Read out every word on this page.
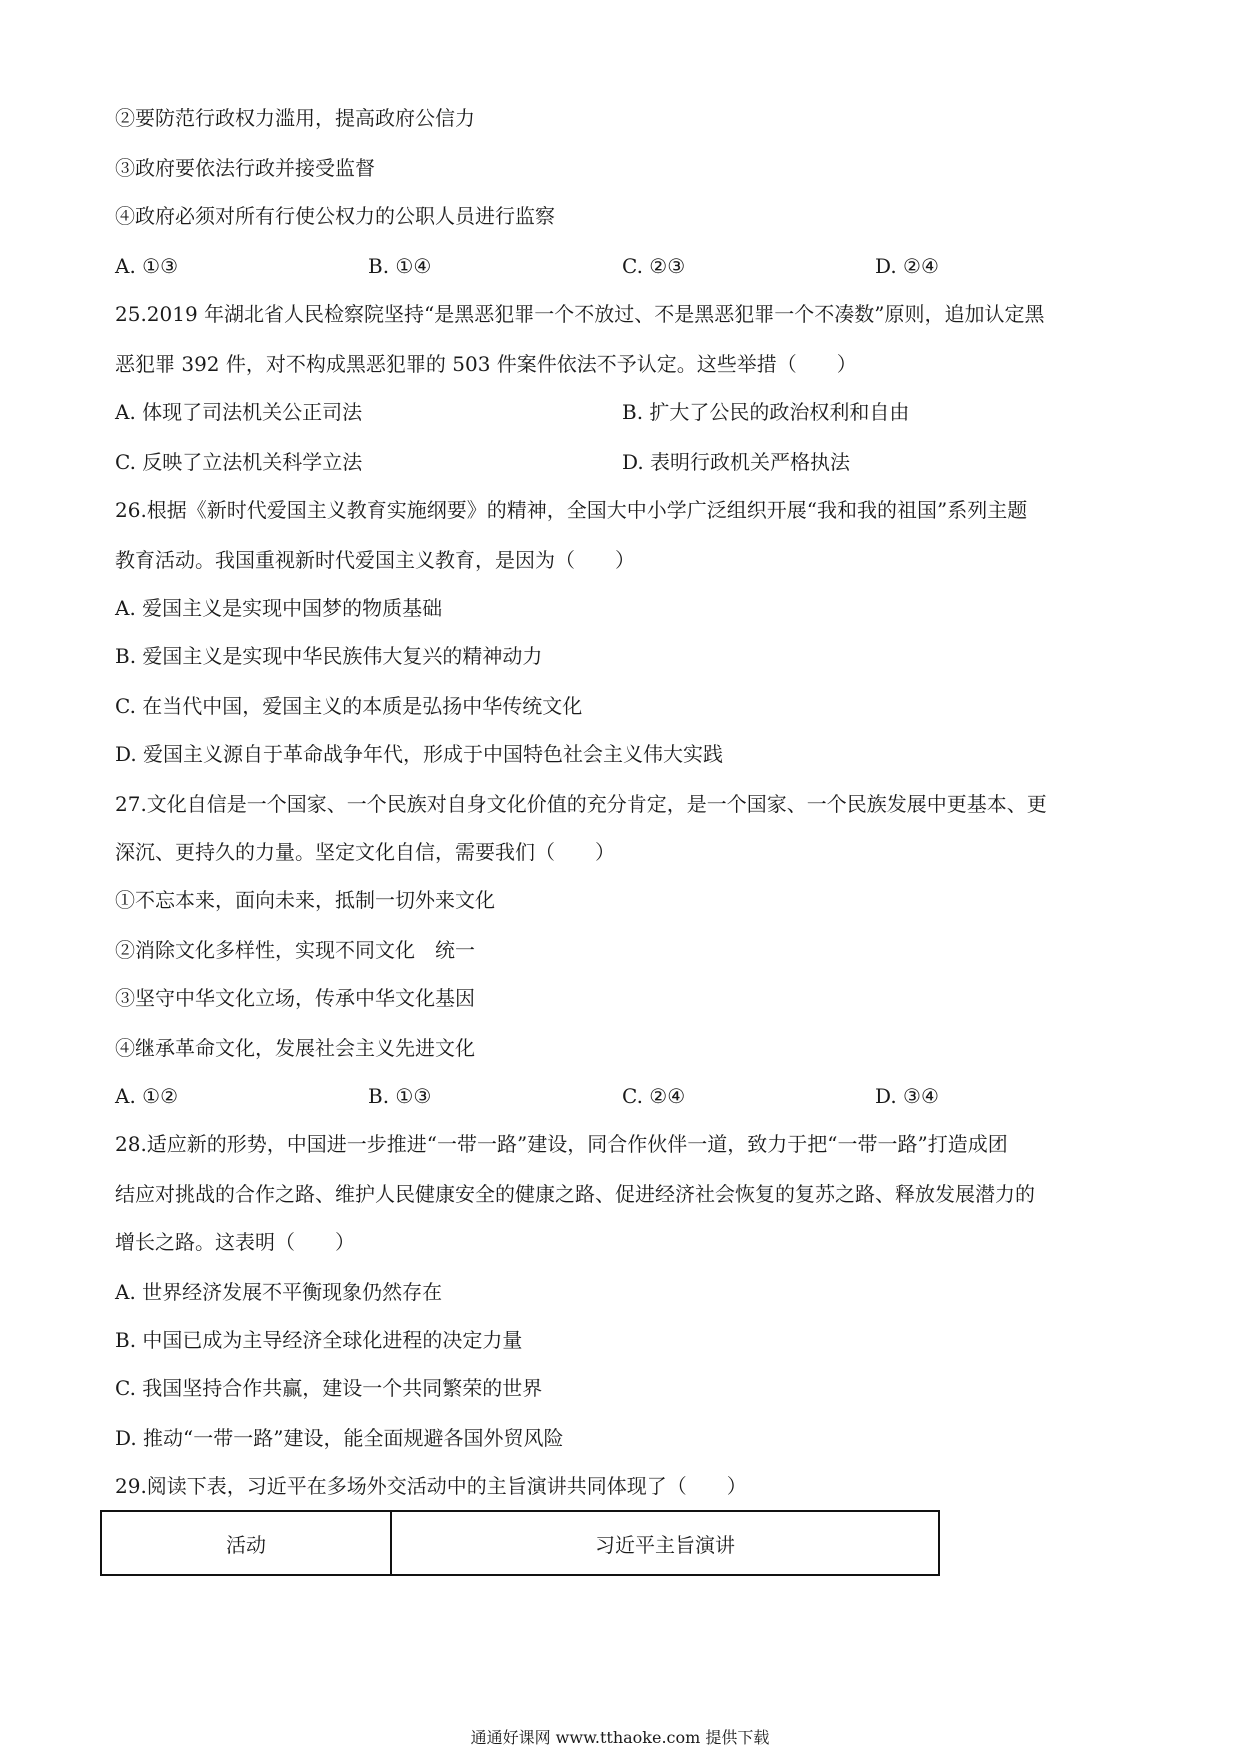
②要防范行政权力滥用，提高政府公信力
③政府要依法行政并接受监督
④政府必须对所有行使公权力的公职人员进行监察
A. ①③	B. ①④	C. ②③	D. ②④
25.2019 年湖北省人民检察院坚持“是黑恶犯罪一个不放过、不是黑恶犯罪一个不凑数”原则，追加认定黑
恶犯罪 392 件，对不构成黑恶犯罪的 503 件案件依法不予认定。这些举措（　　）
A. 体现了司法机关公正司法	B. 扩大了公民的政治权利和自由
C. 反映了立法机关科学立法	D. 表明行政机关严格执法
26.根据《新时代爱国主义教育实施纲要》的精神，全国大中小学广泛组织开展“我和我的祖国”系列主题
教育活动。我国重视新时代爱国主义教育，是因为（　　）
A. 爱国主义是实现中国梦的物质基础
B. 爱国主义是实现中华民族伟大复兴的精神动力
C. 在当代中国，爱国主义的本质是弘扬中华传统文化
D. 爱国主义源自于革命战争年代，形成于中国特色社会主义伟大实践
27.文化自信是一个国家、一个民族对自身文化价值的充分肯定，是一个国家、一个民族发展中更基本、更
深沉、更持久的力量。坚定文化自信，需要我们（　　）
①不忘本来，面向未来，抵制一切外来文化
②消除文化多样性，实现不同文化　统一
③坚守中华文化立场，传承中华文化基因
④继承革命文化，发展社会主义先进文化
A. ①②	B. ①③	C. ②④	D. ③④
28.适应新的形势，中国进一步推进“一带一路”建设，同合作伙伴一道，致力于把“一带一路”打造成团
结应对挑战的合作之路、维护人民健康安全的健康之路、促进经济社会恢复的复苏之路、释放发展潜力的
增长之路。这表明（　　）
A. 世界经济发展不平衡现象仍然存在
B. 中国已成为主导经济全球化进程的决定力量
C. 我国坚持合作共赢，建设一个共同繁荣的世界
D. 推动“一带一路”建设，能全面规避各国外贸风险
29.阅读下表，习近平在多场外交活动中的主旨演讲共同体现了（　　）
活动	习近平主旨演讲
通通好课网 www.tthaoke.com 提供下载
